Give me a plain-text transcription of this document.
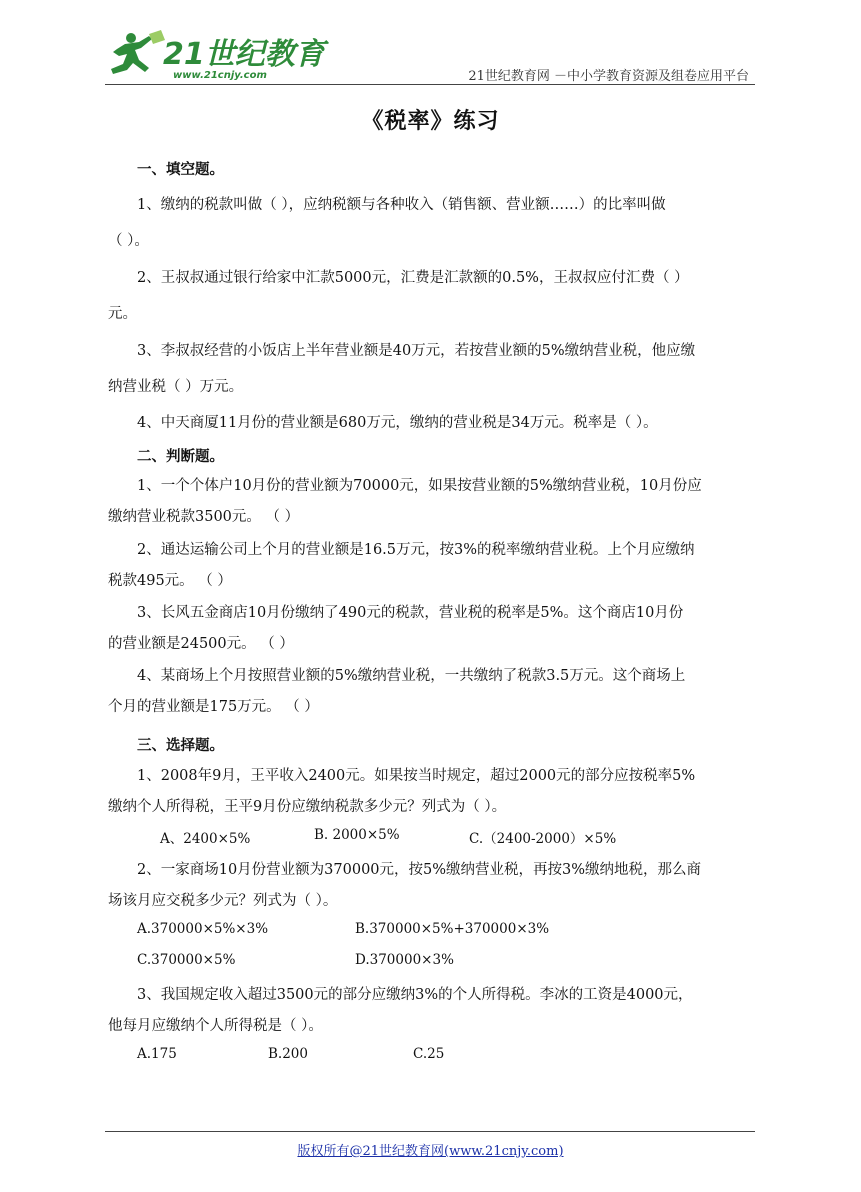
21世纪教育
www.21cnjy.com	21世纪教育网 －中小学教育资源及组卷应用平台
《税率》练习
一、填空题。
1、缴纳的税款叫做（ ），应纳税额与各种收入（销售额、营业额……）的比率叫做
（ ）。
2、王叔叔通过银行给家中汇款5000元，汇费是汇款额的0.5%，王叔叔应付汇费（ ）
元。
3、李叔叔经营的小饭店上半年营业额是40万元，若按营业额的5%缴纳营业税，他应缴
纳营业税（ ）万元。
4、中天商厦11月份的营业额是680万元，缴纳的营业税是34万元。税率是（ ）。
二、判断题。
1、一个个体户10月份的营业额为70000元，如果按营业额的5%缴纳营业税，10月份应
缴纳营业税款3500元。 （ ）
2、通达运输公司上个月的营业额是16.5万元，按3%的税率缴纳营业税。上个月应缴纳
税款495元。 （ ）
3、长风五金商店10月份缴纳了490元的税款，营业税的税率是5%。这个商店10月份
的营业额是24500元。 （ ）
4、某商场上个月按照营业额的5%缴纳营业税，一共缴纳了税款3.5万元。这个商场上
个月的营业额是175万元。 （ ）
三、选择题。
1、2008年9月，王平收入2400元。如果按当时规定，超过2000元的部分应按税率5%
缴纳个人所得税，王平9月份应缴纳税款多少元？列式为（ ）。
A、2400×5%	B. 2000×5%	C.（2400-2000）×5%
2、一家商场10月份营业额为370000元，按5%缴纳营业税，再按3%缴纳地税，那么商
场该月应交税多少元？列式为（ ）。
A.370000×5%×3%	B.370000×5%+370000×3%
C.370000×5%	D.370000×3%
3、我国规定收入超过3500元的部分应缴纳3%的个人所得税。李冰的工资是4000元，
他每月应缴纳个人所得税是（ ）。
A.175	B.200	C.25
版权所有@21世纪教育网(www.21cnjy.com)
